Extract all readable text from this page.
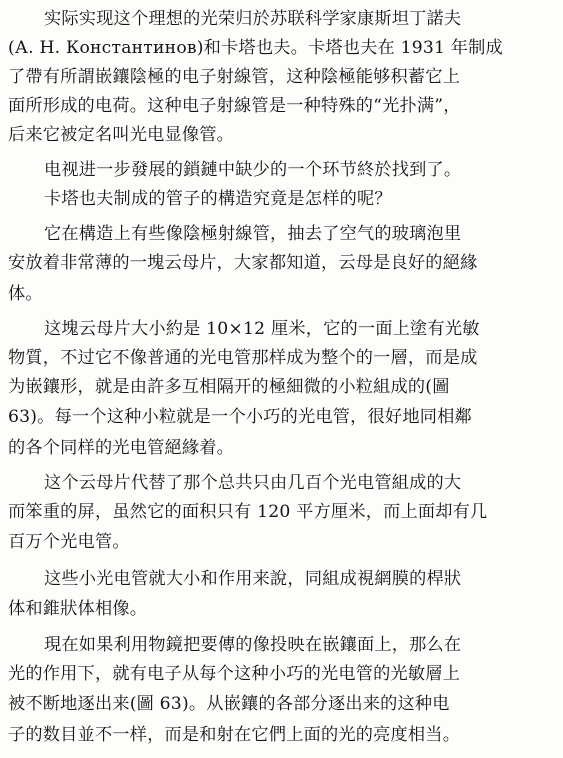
实际实现这个理想的光荣归於苏联科学家康斯坦丁諾夫
(А. Н. Константинов)和卡塔也夫。卡塔也夫在 1931 年制成
了帶有所謂嵌鑲陰極的电子射線管，这种陰極能够积蓄它上
面所形成的电荷。这种电子射線管是一种特殊的“光扑满”，
后来它被定名叫光电显像管。
电视进一步發展的鎖鏈中缺少的一个环节終於找到了。
卡塔也夫制成的管子的構造究竟是怎样的呢？
它在構造上有些像陰極射線管，抽去了空气的玻璃泡里
安放着非常薄的一塊云母片，大家都知道，云母是良好的絕緣
体。
这塊云母片大小約是 10×12 厘米，它的一面上塗有光敏
物質，不过它不像普通的光电管那样成为整个的一層，而是成
为嵌鑲形，就是由許多互相隔开的極細微的小粒組成的(圖
63)。每一个这种小粒就是一个小巧的光电管，很好地同相鄰
的各个同样的光电管絕緣着。
这个云母片代替了那个总共只由几百个光电管組成的大
而笨重的屏，虽然它的面积只有 120 平方厘米，而上面却有几
百万个光电管。
这些小光电管就大小和作用来說，同組成視網膜的桿狀
体和錐狀体相像。
現在如果利用物鏡把要傳的像投映在嵌鑲面上，那么在
光的作用下，就有电子从每个这种小巧的光电管的光敏層上
被不断地逐出来(圖 63)。从嵌鑲的各部分逐出来的这种电
子的数目並不一样，而是和射在它們上面的光的亮度相当。
